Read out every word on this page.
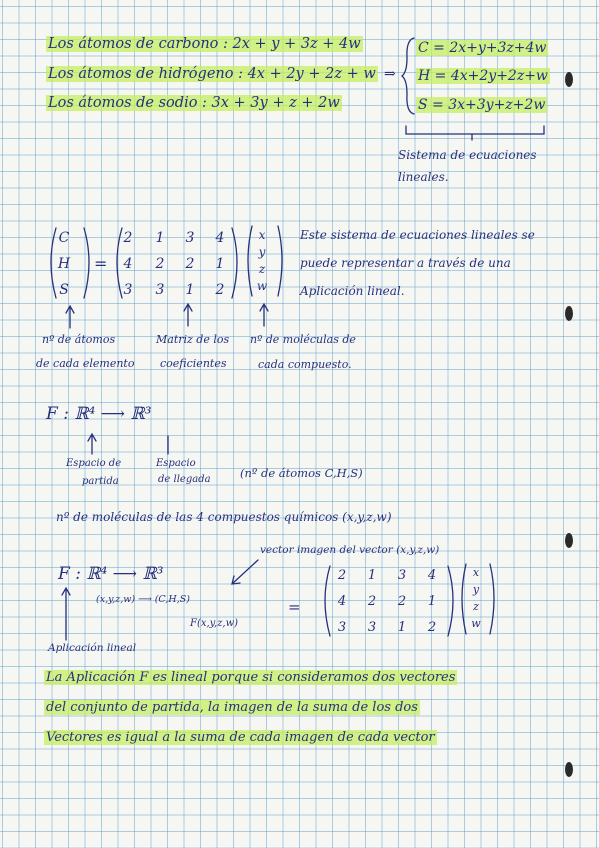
Los átomos de carbono : 2x + y + 3z + 4w
Los átomos de hidrógeno : 4x + 2y + 2z + w
Los átomos de sodio : 3x + 3y + z + 2w
⇒
C = 2x+y+3z+4w
H = 4x+2y+2z+w
S = 3x+3y+z+2w
Sistema de ecuaciones
lineales.
C
H
S
=
2	1	3	4
4	2	2	1
3	3	1	2
x
y
z
w
Este sistema de ecuaciones lineales se
puede representar a través de una
Aplicación lineal.
nº de átomos
de cada elemento
Matriz de los
coeficientes
nº de moléculas de
cada compuesto.
F : ℝ⁴ ⟶ ℝ³
Espacio de
partida
Espacio
de llegada	(nº de átomos C,H,S)
nº de moléculas de las 4 compuestos químicos (x,y,z,w)
vector imagen del vector (x,y,z,w)
F : ℝ⁴ ⟶ ℝ³
(x,y,z,w) ⟶ (C,H,S)
F(x,y,z,w)
=
2	1	3	4
4	2	2	1
3	3	1	2
x
y
z
w
Aplicación lineal
La Aplicación F es lineal porque si consideramos dos vectores
del conjunto de partida, la imagen de la suma de los dos
Vectores es igual a la suma de cada imagen de cada vector
